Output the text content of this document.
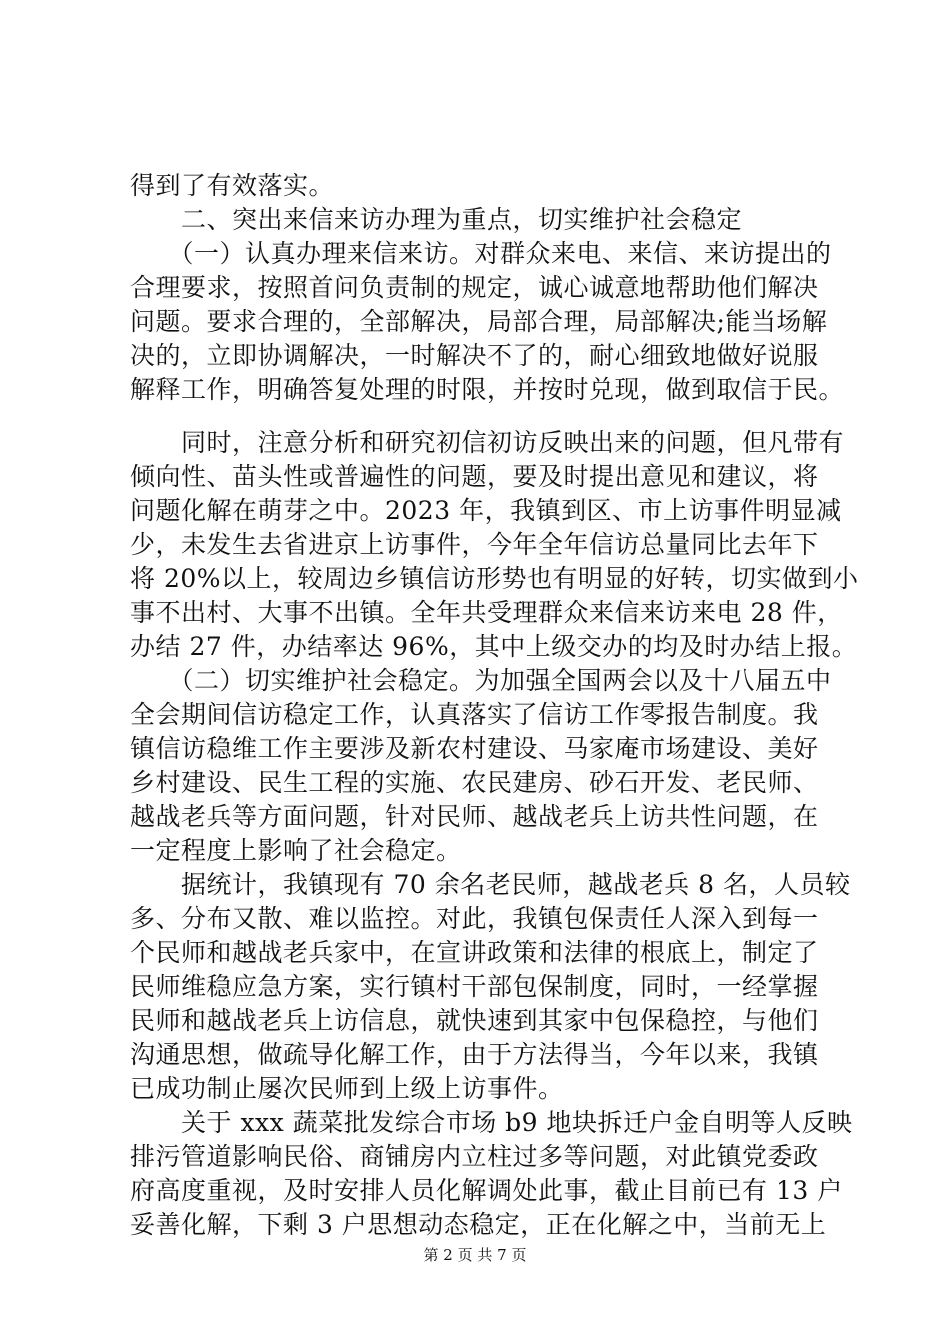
得到了有效落实。
　　二、突出来信来访办理为重点，切实维护社会稳定
　　（一）认真办理来信来访。对群众来电、来信、来访提出的
合理要求，按照首问负责制的规定，诚心诚意地帮助他们解决
问题。要求合理的，全部解决，局部合理，局部解决;能当场解
决的，立即协调解决，一时解决不了的，耐心细致地做好说服
解释工作，明确答复处理的时限，并按时兑现，做到取信于民。
　　同时，注意分析和研究初信初访反映出来的问题，但凡带有
倾向性、苗头性或普遍性的问题，要及时提出意见和建议，将
问题化解在萌芽之中。2023 年，我镇到区、市上访事件明显减
少，未发生去省进京上访事件，今年全年信访总量同比去年下
将 20%以上，较周边乡镇信访形势也有明显的好转，切实做到小
事不出村、大事不出镇。全年共受理群众来信来访来电 28 件，
办结 27 件，办结率达 96%，其中上级交办的均及时办结上报。
　　（二）切实维护社会稳定。为加强全国两会以及十八届五中
全会期间信访稳定工作，认真落实了信访工作零报告制度。我
镇信访稳维工作主要涉及新农村建设、马家庵市场建设、美好
乡村建设、民生工程的实施、农民建房、砂石开发、老民师、
越战老兵等方面问题，针对民师、越战老兵上访共性问题，在
一定程度上影响了社会稳定。
　　据统计，我镇现有 70 余名老民师，越战老兵 8 名，人员较
多、分布又散、难以监控。对此，我镇包保责任人深入到每一
个民师和越战老兵家中，在宣讲政策和法律的根底上，制定了
民师维稳应急方案，实行镇村干部包保制度，同时，一经掌握
民师和越战老兵上访信息，就快速到其家中包保稳控，与他们
沟通思想，做疏导化解工作，由于方法得当，今年以来，我镇
已成功制止屡次民师到上级上访事件。
　　关于 xxx 蔬菜批发综合市场 b9 地块拆迁户金自明等人反映
排污管道影响民俗、商铺房内立柱过多等问题，对此镇党委政
府高度重视，及时安排人员化解调处此事，截止目前已有 13 户
妥善化解，下剩 3 户思想动态稳定，正在化解之中，当前无上
第 2 页 共 7 页
